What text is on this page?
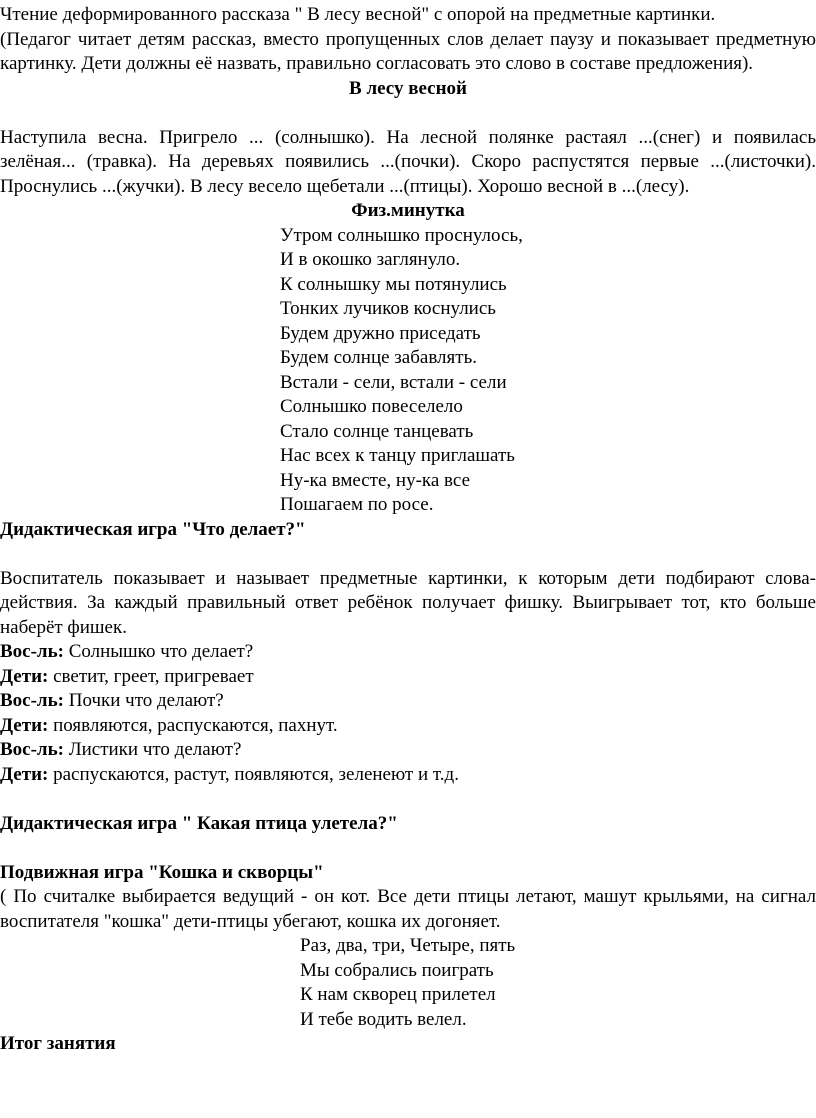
Чтение деформированного рассказа " В лесу весной" с опорой на предметные картинки.

(Педагог читает детям рассказ, вместо пропущенных слов делает паузу и показывает предметную картинку. Дети должны её назвать, правильно согласовать это слово в составе предложения).

В лесу весной

Наступила весна. Пригрело ... (солнышко). На лесной полянке растаял ...(снег) и появилась зелёная... (травка). На деревьях появились ...(почки). Скоро распустятся первые ...(листочки). Проснулись ...(жучки). В лесу весело щебетали ...(птицы). Хорошо весной в ...(лесу).

Физ.минутка

Утром солнышко проснулось,

И в окошко заглянуло.

К солнышку мы потянулись

Тонких лучиков коснулись

Будем дружно приседать

Будем солнце забавлять.

Встали - сели, встали - сели

Солнышко повеселело

Стало солнце танцевать

Нас всех к танцу приглашать

Ну-ка вместе, ну-ка все

Пошагаем по росе.

Дидактическая игра "Что делает?"

Воспитатель показывает и называет предметные картинки, к которым дети подбирают слова-действия. За каждый правильный ответ ребёнок получает фишку. Выигрывает тот, кто больше наберёт фишек.

Вос-ль: Солнышко что делает?

Дети: светит, греет, пригревает

Вос-ль: Почки что делают?

Дети: появляются, распускаются, пахнут.

Вос-ль: Листики что делают?

Дети: распускаются, растут, появляются, зеленеют и т.д.

Дидактическая игра " Какая птица улетела?"

Подвижная игра "Кошка и скворцы"

( По считалке выбирается ведущий - он кот. Все дети птицы летают, машут крыльями, на сигнал воспитателя "кошка" дети-птицы убегают, кошка их догоняет.

Раз, два, три, Четыре, пять

Мы собрались поиграть

К нам скворец прилетел

И тебе водить велел.

Итог занятия
